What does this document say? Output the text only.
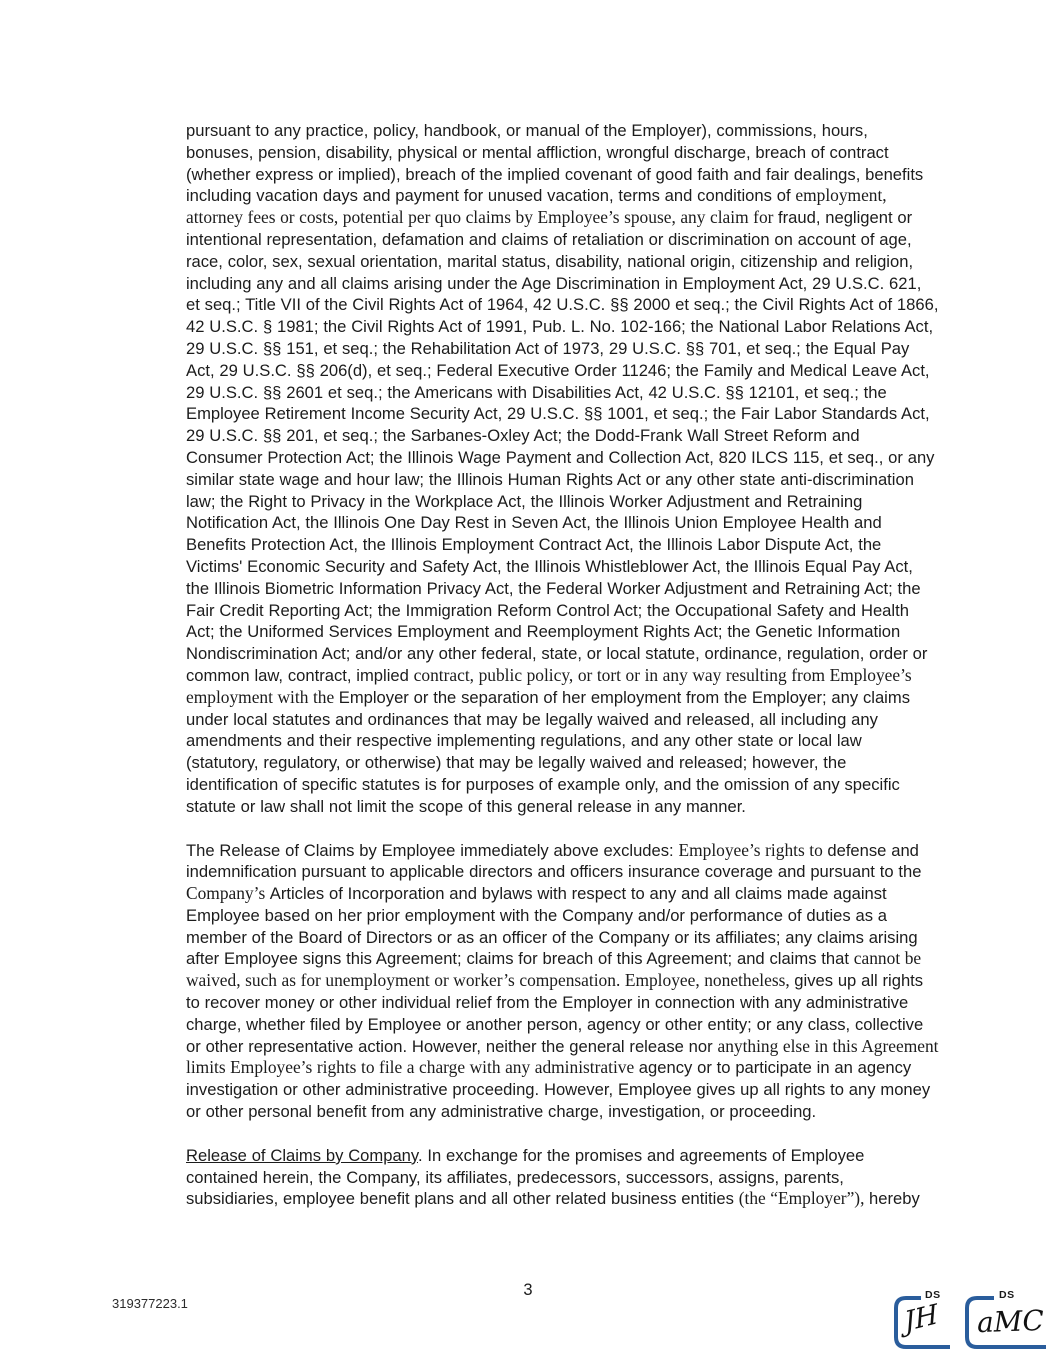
pursuant to any practice, policy, handbook, or manual of the Employer), commissions, hours, bonuses, pension, disability, physical or mental affliction, wrongful discharge, breach of contract (whether express or implied), breach of the implied covenant of good faith and fair dealings, benefits including vacation days and payment for unused vacation, terms and conditions of employment, attorney fees or costs, potential per quo claims by Employee’s spouse, any claim for fraud, negligent or intentional representation, defamation and claims of retaliation or discrimination on account of age, race, color, sex, sexual orientation, marital status, disability, national origin, citizenship and religion, including any and all claims arising under the Age Discrimination in Employment Act, 29 U.S.C. 621, et seq.; Title VII of the Civil Rights Act of 1964, 42 U.S.C. §§ 2000 et seq.; the Civil Rights Act of 1866, 42 U.S.C. § 1981; the Civil Rights Act of 1991, Pub. L. No. 102-166; the National Labor Relations Act, 29 U.S.C. §§ 151, et seq.; the Rehabilitation Act of 1973, 29 U.S.C. §§ 701, et seq.; the Equal Pay Act, 29 U.S.C. §§ 206(d), et seq.; Federal Executive Order 11246; the Family and Medical Leave Act, 29 U.S.C. §§ 2601 et seq.; the Americans with Disabilities Act, 42 U.S.C. §§ 12101, et seq.; the Employee Retirement Income Security Act, 29 U.S.C. §§ 1001, et seq.; the Fair Labor Standards Act, 29 U.S.C. §§ 201, et seq.; the Sarbanes-Oxley Act; the Dodd-Frank Wall Street Reform and Consumer Protection Act; the Illinois Wage Payment and Collection Act, 820 ILCS 115, et seq., or any similar state wage and hour law; the Illinois Human Rights Act or any other state anti-discrimination law; the Right to Privacy in the Workplace Act, the Illinois Worker Adjustment and Retraining Notification Act, the Illinois One Day Rest in Seven Act, the Illinois Union Employee Health and Benefits Protection Act, the Illinois Employment Contract Act, the Illinois Labor Dispute Act, the Victims' Economic Security and Safety Act, the Illinois Whistleblower Act, the Illinois Equal Pay Act, the Illinois Biometric Information Privacy Act, the Federal Worker Adjustment and Retraining Act; the Fair Credit Reporting Act; the Immigration Reform Control Act; the Occupational Safety and Health Act; the Uniformed Services Employment and Reemployment Rights Act; the Genetic Information Nondiscrimination Act; and/or any other federal, state, or local statute, ordinance, regulation, order or common law, contract, implied contract, public policy, or tort or in any way resulting from Employee’s employment with the Employer or the separation of her employment from the Employer; any claims under local statutes and ordinances that may be legally waived and released, all including any amendments and their respective implementing regulations, and any other state or local law (statutory, regulatory, or otherwise) that may be legally waived and released; however, the identification of specific statutes is for purposes of example only, and the omission of any specific statute or law shall not limit the scope of this general release in any manner.

The Release of Claims by Employee immediately above excludes: Employee’s rights to defense and indemnification pursuant to applicable directors and officers insurance coverage and pursuant to the Company’s Articles of Incorporation and bylaws with respect to any and all claims made against Employee based on her prior employment with the Company and/or performance of duties as a member of the Board of Directors or as an officer of the Company or its affiliates; any claims arising after Employee signs this Agreement; claims for breach of this Agreement; and claims that cannot be waived, such as for unemployment or worker’s compensation. Employee, nonetheless, gives up all rights to recover money or other individual relief from the Employer in connection with any administrative charge, whether filed by Employee or another person, agency or other entity; or any class, collective or other representative action. However, neither the general release nor anything else in this Agreement limits Employee’s rights to file a charge with any administrative agency or to participate in an agency investigation or other administrative proceeding. However, Employee gives up all rights to any money or other personal benefit from any administrative charge, investigation, or proceeding.

Release of Claims by Company. In exchange for the promises and agreements of Employee contained herein, the Company, its affiliates, predecessors, successors, assigns, parents, subsidiaries, employee benefit plans and all other related business entities (the “Employer”), hereby

3
319377223.1
DS
JH
DS
aMC
